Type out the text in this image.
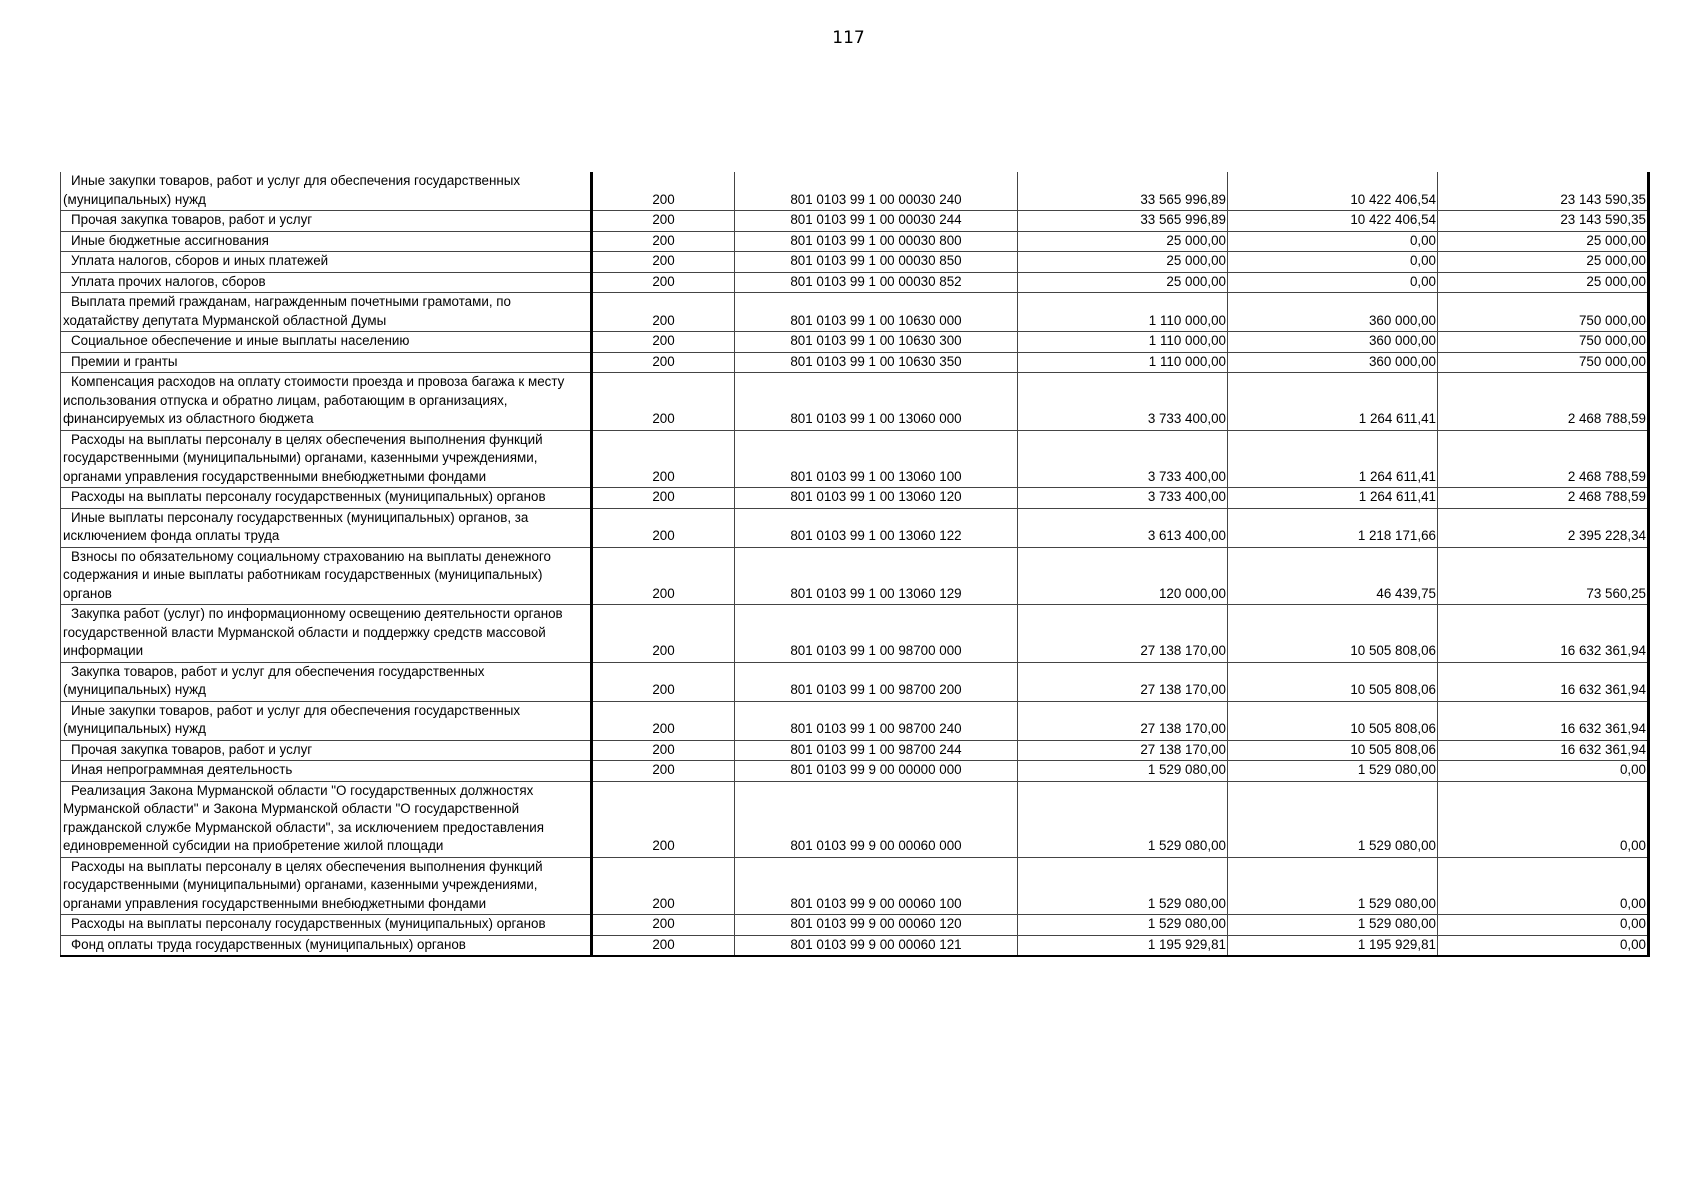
117
Иные закупки товаров, работ и услуг для обеспечения государственных (муниципальных) нужд	200	801 0103 99 1 00 00030 240	33 565 996,89	10 422 406,54	23 143 590,35
Прочая закупка товаров, работ и услуг	200	801 0103 99 1 00 00030 244	33 565 996,89	10 422 406,54	23 143 590,35
Иные бюджетные ассигнования	200	801 0103 99 1 00 00030 800	25 000,00	0,00	25 000,00
Уплата налогов, сборов и иных платежей	200	801 0103 99 1 00 00030 850	25 000,00	0,00	25 000,00
Уплата прочих налогов, сборов	200	801 0103 99 1 00 00030 852	25 000,00	0,00	25 000,00
Выплата премий гражданам, награжденным почетными грамотами, по ходатайству депутата Мурманской областной Думы	200	801 0103 99 1 00 10630 000	1 110 000,00	360 000,00	750 000,00
Социальное обеспечение и иные выплаты населению	200	801 0103 99 1 00 10630 300	1 110 000,00	360 000,00	750 000,00
Премии и гранты	200	801 0103 99 1 00 10630 350	1 110 000,00	360 000,00	750 000,00
Компенсация расходов на оплату стоимости проезда и провоза багажа к месту использования отпуска и обратно лицам, работающим в организациях, финансируемых из областного бюджета	200	801 0103 99 1 00 13060 000	3 733 400,00	1 264 611,41	2 468 788,59
Расходы на выплаты персоналу в целях обеспечения выполнения функций государственными (муниципальными) органами, казенными учреждениями, органами управления государственными внебюджетными фондами	200	801 0103 99 1 00 13060 100	3 733 400,00	1 264 611,41	2 468 788,59
Расходы на выплаты персоналу государственных (муниципальных) органов	200	801 0103 99 1 00 13060 120	3 733 400,00	1 264 611,41	2 468 788,59
Иные выплаты персоналу государственных (муниципальных) органов, за исключением фонда оплаты труда	200	801 0103 99 1 00 13060 122	3 613 400,00	1 218 171,66	2 395 228,34
Взносы по обязательному социальному страхованию на выплаты денежного содержания и иные выплаты работникам государственных (муниципальных) органов	200	801 0103 99 1 00 13060 129	120 000,00	46 439,75	73 560,25
Закупка работ (услуг) по информационному освещению деятельности органов государственной власти Мурманской области и поддержку средств массовой информации	200	801 0103 99 1 00 98700 000	27 138 170,00	10 505 808,06	16 632 361,94
Закупка товаров, работ и услуг для обеспечения государственных (муниципальных) нужд	200	801 0103 99 1 00 98700 200	27 138 170,00	10 505 808,06	16 632 361,94
Иные закупки товаров, работ и услуг для обеспечения государственных (муниципальных) нужд	200	801 0103 99 1 00 98700 240	27 138 170,00	10 505 808,06	16 632 361,94
Прочая закупка товаров, работ и услуг	200	801 0103 99 1 00 98700 244	27 138 170,00	10 505 808,06	16 632 361,94
Иная непрограммная деятельность	200	801 0103 99 9 00 00000 000	1 529 080,00	1 529 080,00	0,00
Реализация Закона Мурманской области "О государственных должностях Мурманской области" и Закона Мурманской области "О государственной гражданской службе Мурманской области", за исключением предоставления единовременной субсидии на приобретение жилой площади	200	801 0103 99 9 00 00060 000	1 529 080,00	1 529 080,00	0,00
Расходы на выплаты персоналу в целях обеспечения выполнения функций государственными (муниципальными) органами, казенными учреждениями, органами управления государственными внебюджетными фондами	200	801 0103 99 9 00 00060 100	1 529 080,00	1 529 080,00	0,00
Расходы на выплаты персоналу государственных (муниципальных) органов	200	801 0103 99 9 00 00060 120	1 529 080,00	1 529 080,00	0,00
Фонд оплаты труда государственных (муниципальных) органов	200	801 0103 99 9 00 00060 121	1 195 929,81	1 195 929,81	0,00
